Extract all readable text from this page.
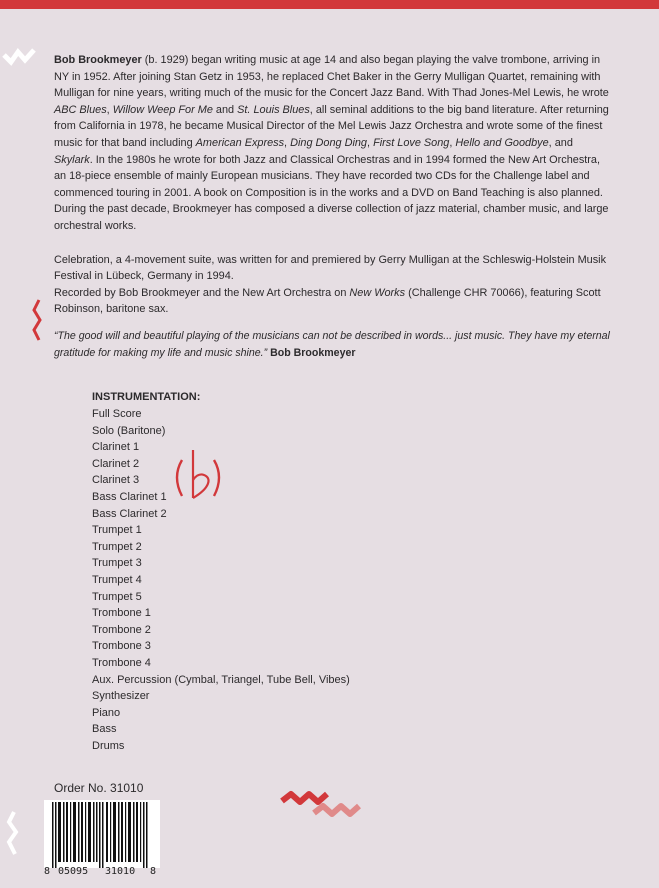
Bob Brookmeyer (b. 1929) began writing music at age 14 and also began playing the valve trombone, arriving in NY in 1952. After joining Stan Getz in 1953, he replaced Chet Baker in the Gerry Mulligan Quartet, remaining with Mulligan for nine years, writing much of the music for the Concert Jazz Band. With Thad Jones-Mel Lewis, he wrote ABC Blues, Willow Weep For Me and St. Louis Blues, all seminal additions to the big band literature. After returning from California in 1978, he became Musical Director of the Mel Lewis Jazz Orchestra and wrote some of the finest music for that band including American Express, Ding Dong Ding, First Love Song, Hello and Goodbye, and Skylark. In the 1980s he wrote for both Jazz and Classical Orchestras and in 1994 formed the New Art Orchestra, an 18-piece ensemble of mainly European musicians. They have recorded two CDs for the Challenge label and commenced touring in 2001. A book on Composition is in the works and a DVD on Band Teaching is also planned.

During the past decade, Brookmeyer has composed a diverse collection of jazz material, chamber music, and large orchestral works.

Celebration, a 4-movement suite, was written for and premiered by Gerry Mulligan at the Schleswig-Holstein Musik Festival in Lübeck, Germany in 1994.

Recorded by Bob Brookmeyer and the New Art Orchestra on New Works (Challenge CHR 70066), featuring Scott Robinson, baritone sax.

“The good will and beautiful playing of the musicians can not be described in words... just music. They have my eternal gratitude for making my life and music shine.” Bob Brookmeyer
INSTRUMENTATION:
Full Score
Solo (Baritone)
Clarinet 1
Clarinet 2
Clarinet 3
Bass Clarinet 1
Bass Clarinet 2
Trumpet 1
Trumpet 2
Trumpet 3
Trumpet 4
Trumpet 5
Trombone 1
Trombone 2
Trombone 3
Trombone 4
Aux. Percussion (Cymbal, Triangel, Tube Bell, Vibes)
Synthesizer
Piano
Bass
Drums
Order No. 31010
8 05095 31010 8
